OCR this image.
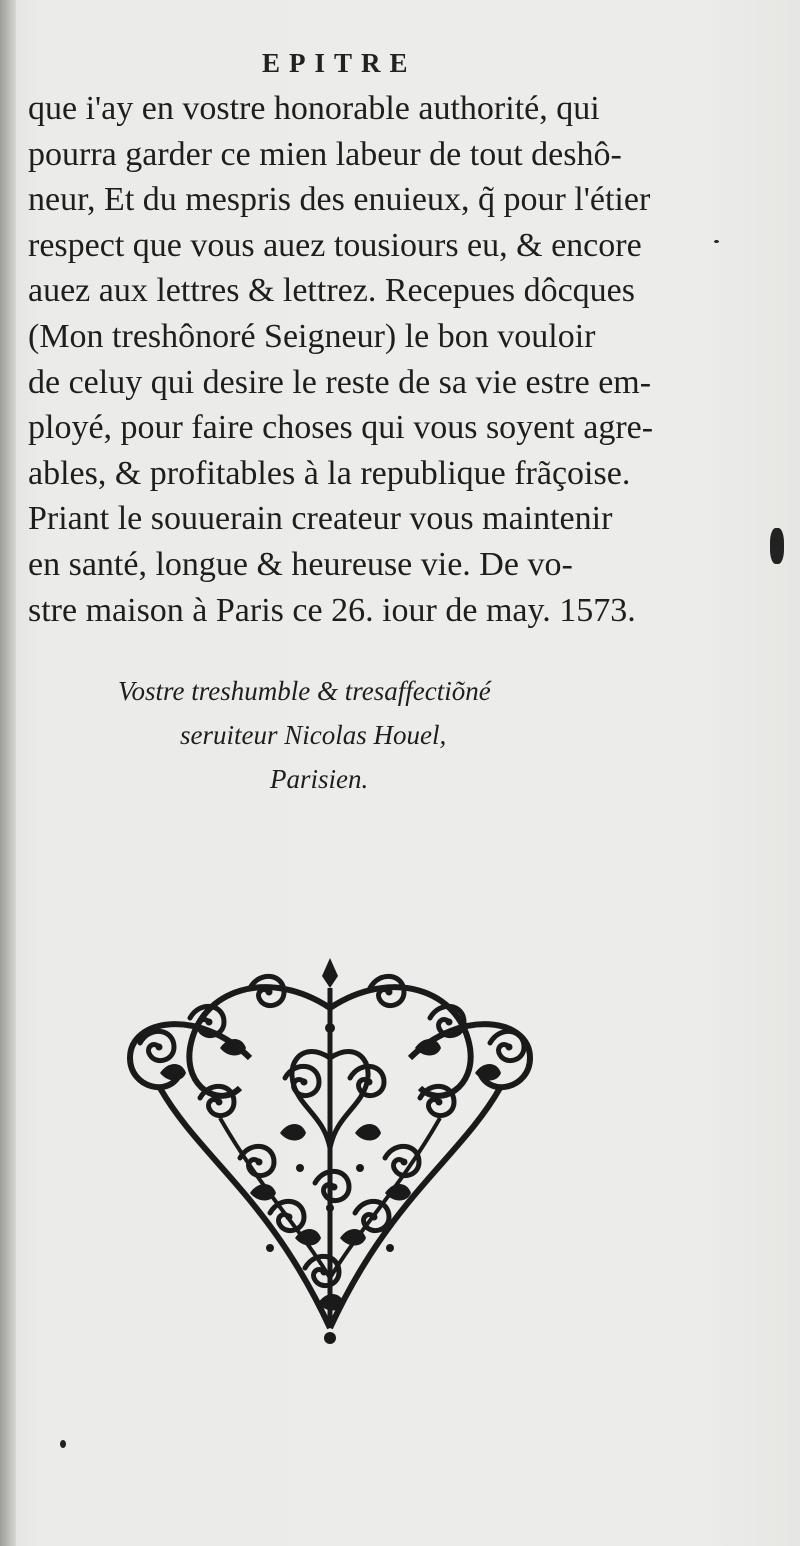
EPITRE
que i'ay en vostre honorable authorité, qui
pourra garder ce mien labeur de tout deshô-
neur, Et du mespris des enuieux, q̃ pour l'étier
respect que vous auez tousiours eu, & encore
auez aux lettres & lettrez. Recepues dôcques
(Mon treshônoré Seigneur) le bon vouloir
de celuy qui desire le reste de sa vie estre em-
ployé, pour faire choses qui vous soyent agre-
ables, & profitables à la republique frãçoise.
Priant le souuerain createur vous maintenir
en santé, longue & heureuse vie. De vo-
stre maison à Paris ce 26. iour de may. 1573.
Vostre treshumble & tresaffectiõné
seruiteur Nicolas Houel,
Parisien.
